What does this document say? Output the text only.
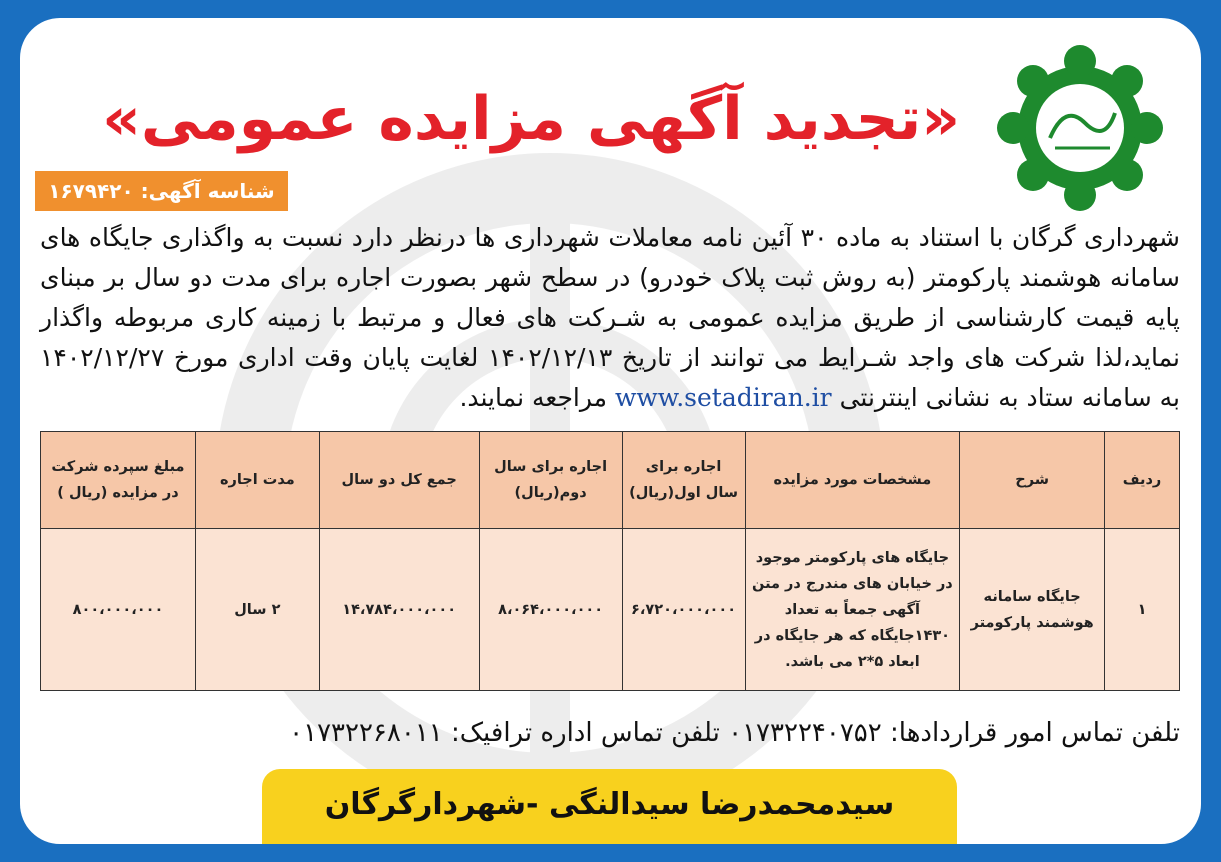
«تجدید آگهی مزایده عمومی»
شناسه آگهی: ۱۶۷۹۴۲۰
شهرداری گرگان با استناد به ماده ۳۰ آئین نامه معاملات شهرداری ها درنظر دارد نسبت به واگذاری جایگاه های سامانه هوشمند پارکومتر (به روش ثبت پلاک خودرو) در سطح شهر بصورت اجاره برای مدت دو سال بر مبنای پایه قیمت کارشناسی از طریق مزایده عمومی به شـرکت های فعال و مرتبط با زمینه کاری مربوطه واگذار نماید،لذا شرکت های واجد شـرایط می توانند از تاریخ ۱۴۰۲/۱۲/۱۳ لغایت پایان وقت اداری مورخ ۱۴۰۲/۱۲/۲۷ به سامانه ستاد به نشانی اینترنتی www.setadiran.ir مراجعه نمایند.
ردیف	شرح	مشخصات مورد مزایده	اجاره برای سال اول(ریال)	اجاره برای سال دوم(ریال)	جمع کل دو سال	مدت اجاره	مبلغ سپرده شرکت در مزایده (ریال )
۱	جایگاه سامانه هوشمند پارکومتر	جایگاه های پارکومتر موجود در خیابان های مندرج در متن آگهی جمعاً به تعداد ۱۴۳۰جایگاه که هر جایگاه در ابعاد ۵*۲ می باشد.	۶،۷۲۰،۰۰۰،۰۰۰	۸،۰۶۴،۰۰۰،۰۰۰	۱۴،۷۸۴،۰۰۰،۰۰۰	۲ سال	۸۰۰،۰۰۰،۰۰۰
تلفن تماس امور قراردادها: ۰۱۷۳۲۲۴۰۷۵۲ تلفن تماس اداره ترافیک: ۰۱۷۳۲۲۶۸۰۱۱
سیدمحمدرضا سیدالنگی -شهردارگرگان
